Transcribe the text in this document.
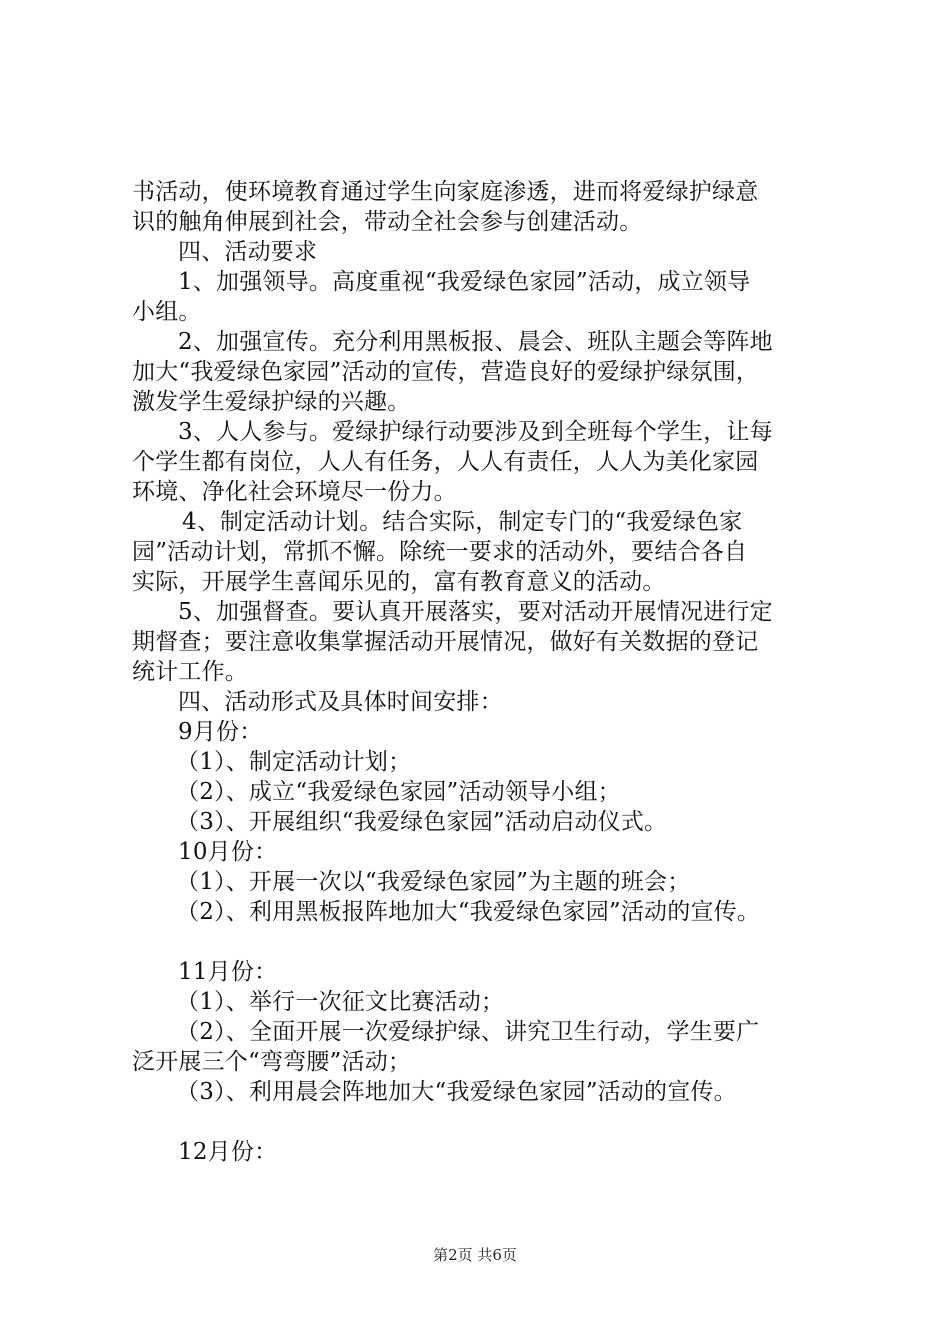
书活动，使环境教育通过学生向家庭渗透，进而将爱绿护绿意
识的触角伸展到社会，带动全社会参与创建活动。
四、活动要求
1、加强领导。高度重视“我爱绿色家园”活动，成立领导
小组。
2、加强宣传。充分利用黑板报、晨会、班队主题会等阵地
加大“我爱绿色家园”活动的宣传，营造良好的爱绿护绿氛围，
激发学生爱绿护绿的兴趣。
3、人人参与。爱绿护绿行动要涉及到全班每个学生，让每
个学生都有岗位，人人有任务，人人有责任，人人为美化家园
环境、净化社会环境尽一份力。
4、制定活动计划。结合实际，制定专门的“我爱绿色家
园”活动计划，常抓不懈。除统一要求的活动外，要结合各自
实际，开展学生喜闻乐见的，富有教育意义的活动。
5、加强督查。要认真开展落实，要对活动开展情况进行定
期督查；要注意收集掌握活动开展情况，做好有关数据的登记
统计工作。
四、活动形式及具体时间安排：
9月份：
（1）、制定活动计划；
（2）、成立“我爱绿色家园”活动领导小组；
（3）、开展组织“我爱绿色家园”活动启动仪式。
10月份：
（1）、开展一次以“我爱绿色家园”为主题的班会；
（2）、利用黑板报阵地加大“我爱绿色家园”活动的宣传。
11月份：
（1）、举行一次征文比赛活动；
（2）、全面开展一次爱绿护绿、讲究卫生行动，学生要广
泛开展三个“弯弯腰”活动；
（3）、利用晨会阵地加大“我爱绿色家园”活动的宣传。
12月份：
第2页 共6页
